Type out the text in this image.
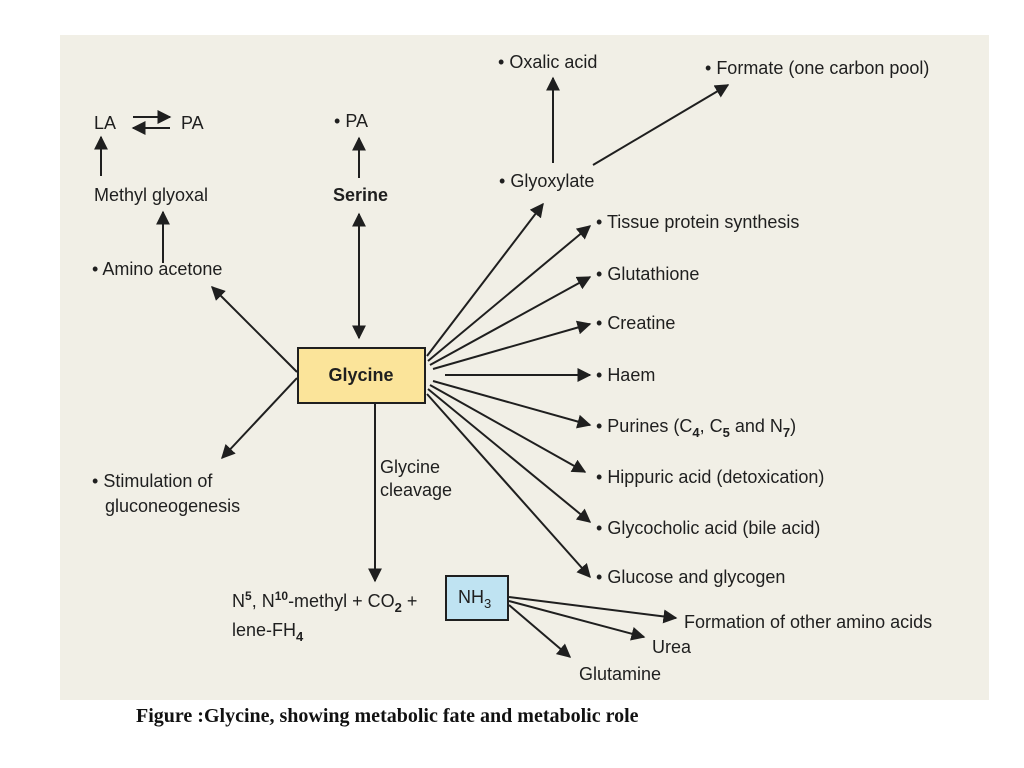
LA	PA
Methyl glyoxal
• Amino acetone
• PA
Serine
Glycine
• Stimulation of
gluconeogenesis
Glycine
cleavage
$N^5$, $N^{10}$-methyl + $CO_2$ +
lene-$FH_4$
$NH_3$
Formation of other amino acids
Urea
Glutamine
• Oxalic acid	• Formate (one carbon pool)
• Glyoxylate
• Tissue protein synthesis
• Glutathione
• Creatine
• Haem
• Purines ($C_4$, $C_5$ and $N_7$)
• Hippuric acid (detoxication)
• Glycocholic acid (bile acid)
• Glucose and glycogen

Figure :Glycine, showing metabolic fate and metabolic role
